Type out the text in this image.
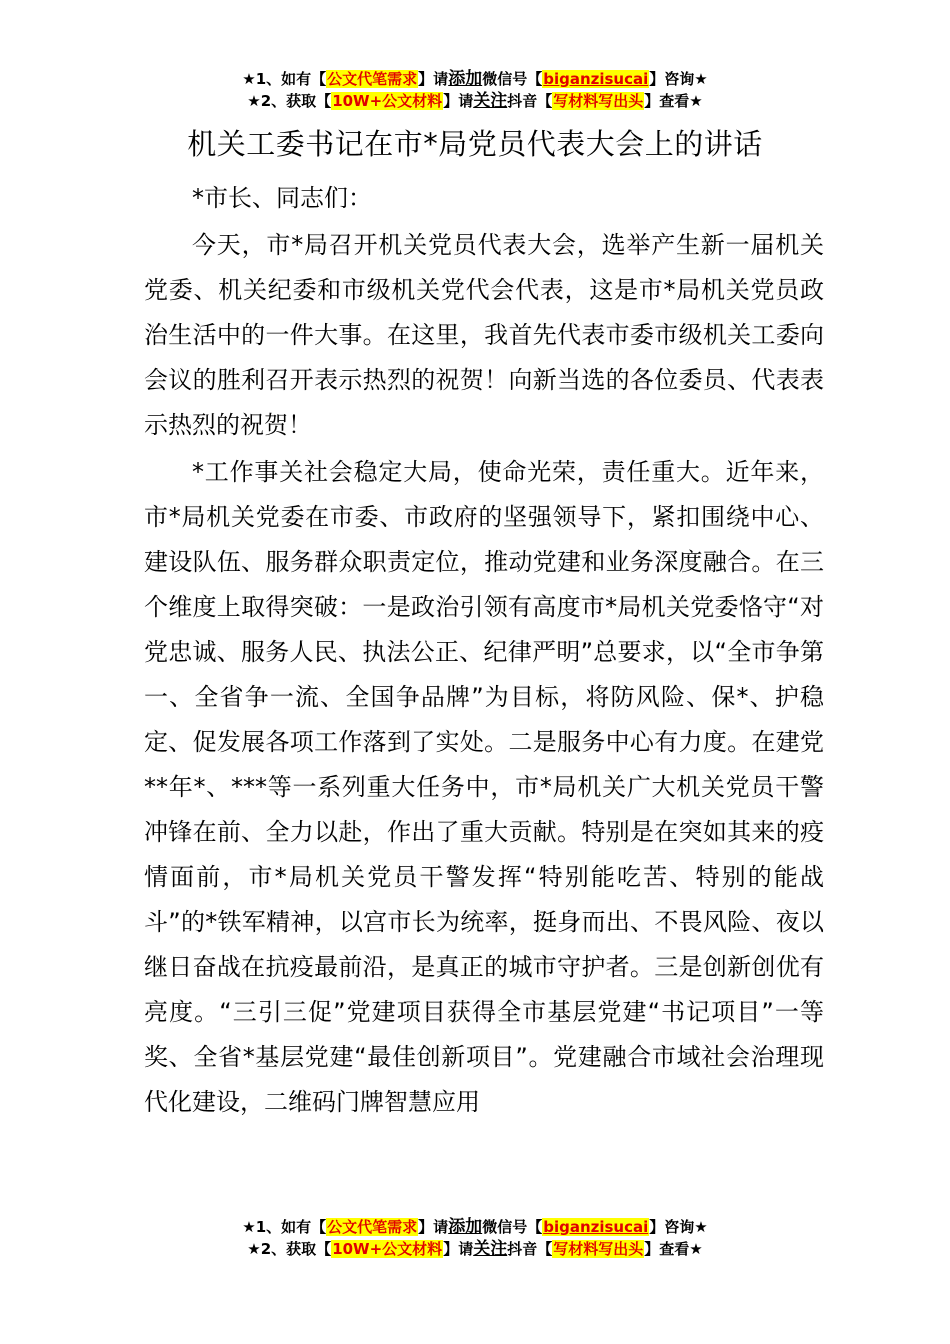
★1、如有【公文代笔需求】请添加微信号【biganzisucai】咨询★
★2、获取【10W+公文材料】请关注抖音【写材料写出头】查看★
机关工委书记在市*局党员代表大会上的讲话

*市长、同志们：

今天，市*局召开机关党员代表大会，选举产生新一届机关党委、机关纪委和市级机关党代会代表，这是市*局机关党员政治生活中的一件大事。在这里，我首先代表市委市级机关工委向会议的胜利召开表示热烈的祝贺！向新当选的各位委员、代表表示热烈的祝贺！

*工作事关社会稳定大局，使命光荣，责任重大。近年来，市*局机关党委在市委、市政府的坚强领导下，紧扣围绕中心、建设队伍、服务群众职责定位，推动党建和业务深度融合。在三个维度上取得突破：一是政治引领有高度市*局机关党委恪守“对党忠诚、服务人民、执法公正、纪律严明”总要求，以“全市争第一、全省争一流、全国争品牌”为目标，将防风险、保*、护稳定、促发展各项工作落到了实处。二是服务中心有力度。在建党**年*、***等一系列重大任务中，市*局机关广大机关党员干警冲锋在前、全力以赴，作出了重大贡献。特别是在突如其来的疫情面前，市*局机关党员干警发挥“特别能吃苦、特别的能战斗”的*铁军精神，以宫市长为统率，挺身而出、不畏风险、夜以继日奋战在抗疫最前沿，是真正的城市守护者。三是创新创优有亮度。“三引三促”党建项目获得全市基层党建“书记项目”一等奖、全省*基层党建“最佳创新项目”。党建融合市域社会治理现代化建设，二维码门牌智慧应用

★1、如有【公文代笔需求】请添加微信号【biganzisucai】咨询★
★2、获取【10W+公文材料】请关注抖音【写材料写出头】查看★
